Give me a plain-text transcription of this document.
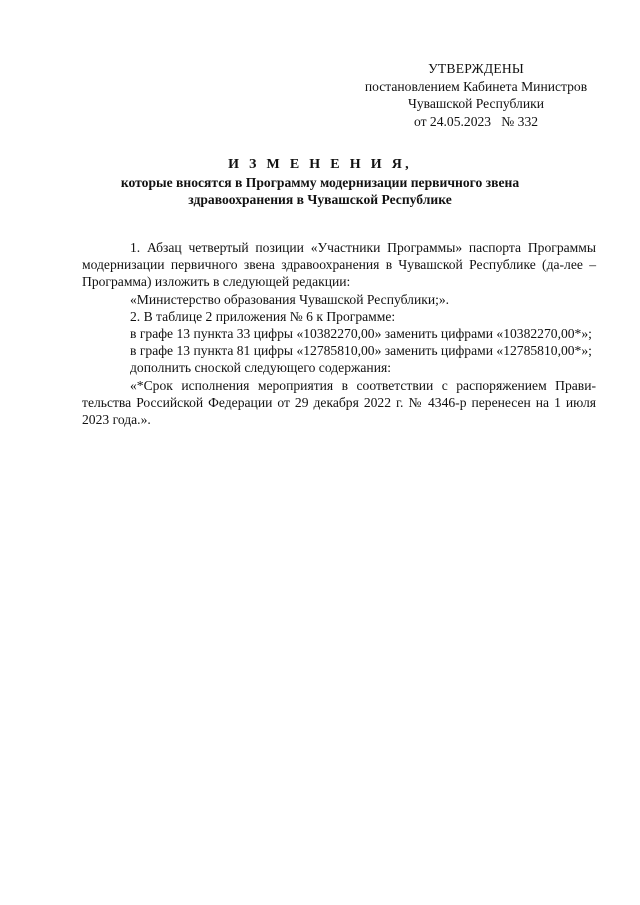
УТВЕРЖДЕНЫ
постановлением Кабинета Министров
Чувашской Республики
от 24.05.2023   № 332
И З М Е Н Е Н И Я,
которые вносятся в Программу модернизации первичного звена
здравоохранения в Чувашской Республике

1. Абзац четвертый позиции «Участники Программы» паспорта Программы модернизации первичного звена здравоохранения в Чувашской Республике (да-лее – Программа) изложить в следующей редакции:

«Министерство образования Чувашской Республики;».

2. В таблице 2 приложения № 6 к Программе:

в графе 13 пункта 33 цифры «10382270,00» заменить цифрами «10382270,00*»;

в графе 13 пункта 81 цифры «12785810,00» заменить цифрами «12785810,00*»;

дополнить сноской следующего содержания:

«*Срок исполнения мероприятия в соответствии с распоряжением Прави-тельства Российской Федерации от 29 декабря 2022 г. № 4346-р перенесен на 1 июля 2023 года.».
